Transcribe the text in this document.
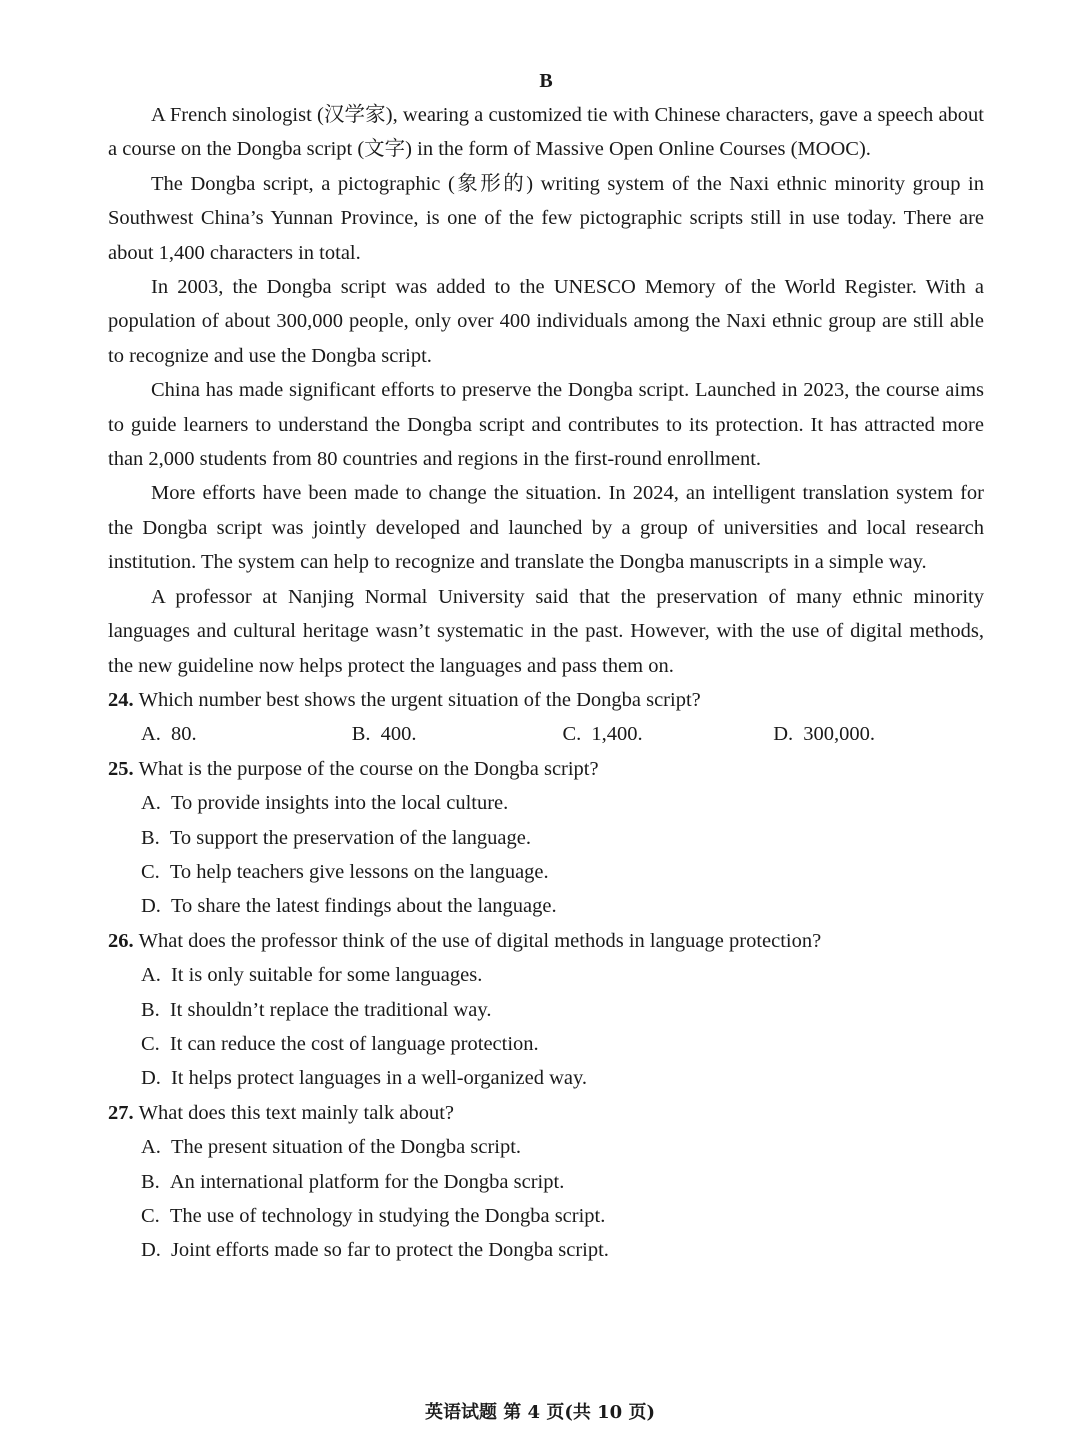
B

A French sinologist (汉学家), wearing a customized tie with Chinese characters, gave a speech about a course on the Dongba script (文字) in the form of Massive Open Online Courses (MOOC).

The Dongba script, a pictographic (象形的) writing system of the Naxi ethnic minority group in Southwest China’s Yunnan Province, is one of the few pictographic scripts still in use today. There are about 1,400 characters in total.

In 2003, the Dongba script was added to the UNESCO Memory of the World Register. With a population of about 300,000 people, only over 400 individuals among the Naxi ethnic group are still able to recognize and use the Dongba script.

China has made significant efforts to preserve the Dongba script. Launched in 2023, the course aims to guide learners to understand the Dongba script and contributes to its protection. It has attracted more than 2,000 students from 80 countries and regions in the first-round enrollment.

More efforts have been made to change the situation. In 2024, an intelligent translation system for the Dongba script was jointly developed and launched by a group of universities and local research institution. The system can help to recognize and translate the Dongba manuscripts in a simple way.

A professor at Nanjing Normal University said that the preservation of many ethnic minority languages and cultural heritage wasn’t systematic in the past. However, with the use of digital methods, the new guideline now helps protect the languages and pass them on.

24. Which number best shows the urgent situation of the Dongba script?

A. 80.	B. 400.	C. 1,400.	D. 300,000.

25. What is the purpose of the course on the Dongba script?

A. To provide insights into the local culture.
B. To support the preservation of the language.
C. To help teachers give lessons on the language.
D. To share the latest findings about the language.

26. What does the professor think of the use of digital methods in language protection?

A. It is only suitable for some languages.
B. It shouldn’t replace the traditional way.
C. It can reduce the cost of language protection.
D. It helps protect languages in a well-organized way.

27. What does this text mainly talk about?

A. The present situation of the Dongba script.
B. An international platform for the Dongba script.
C. The use of technology in studying the Dongba script.
D. Joint efforts made so far to protect the Dongba script.
英语试题 第 4 页(共 10 页)
